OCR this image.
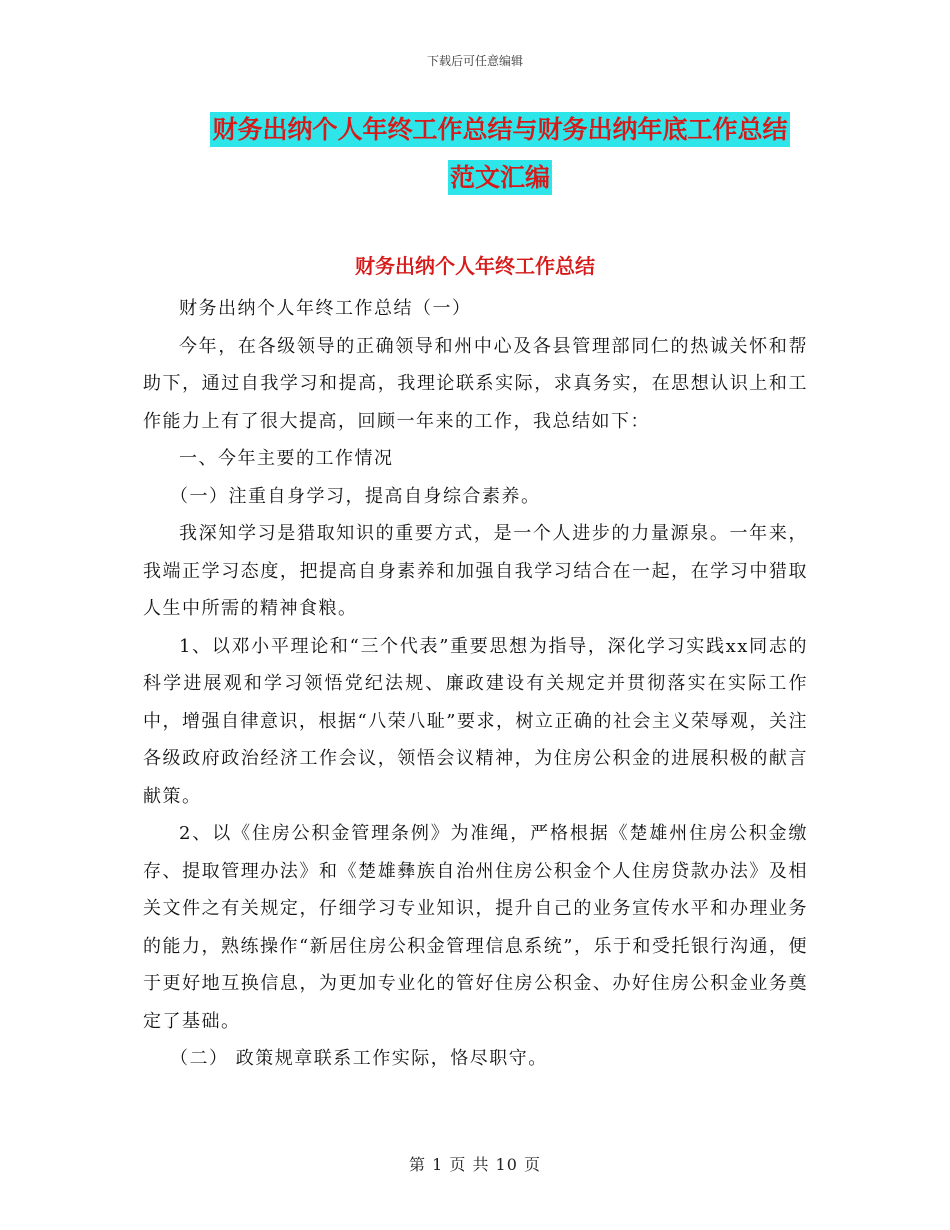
下载后可任意编辑
财务出纳个人年终工作总结与财务出纳年底工作总结
范文汇编
财务出纳个人年终工作总结

财务出纳个人年终工作总结（一）

今年，在各级领导的正确领导和州中心及各县管理部同仁的热诚关怀和帮助下，通过自我学习和提高，我理论联系实际，求真务实，在思想认识上和工作能力上有了很大提高，回顾一年来的工作，我总结如下：

一、今年主要的工作情况

（一）注重自身学习，提高自身综合素养。

我深知学习是猎取知识的重要方式，是一个人进步的力量源泉。一年来，我端正学习态度，把提高自身素养和加强自我学习结合在一起，在学习中猎取人生中所需的精神食粮。

1、以邓小平理论和“三个代表”重要思想为指导，深化学习实践xx同志的科学进展观和学习领悟党纪法规、廉政建设有关规定并贯彻落实在实际工作中，增强自律意识，根据“八荣八耻”要求，树立正确的社会主义荣辱观，关注各级政府政治经济工作会议，领悟会议精神，为住房公积金的进展积极的献言献策。

2、以《住房公积金管理条例》为准绳，严格根据《楚雄州住房公积金缴存、提取管理办法》和《楚雄彝族自治州住房公积金个人住房贷款办法》及相关文件之有关规定，仔细学习专业知识，提升自己的业务宣传水平和办理业务的能力，熟练操作“新居住房公积金管理信息系统”，乐于和受托银行沟通，便于更好地互换信息，为更加专业化的管好住房公积金、办好住房公积金业务奠定了基础。

（二） 政策规章联系工作实际，恪尽职守。

第 1 页 共 10 页
